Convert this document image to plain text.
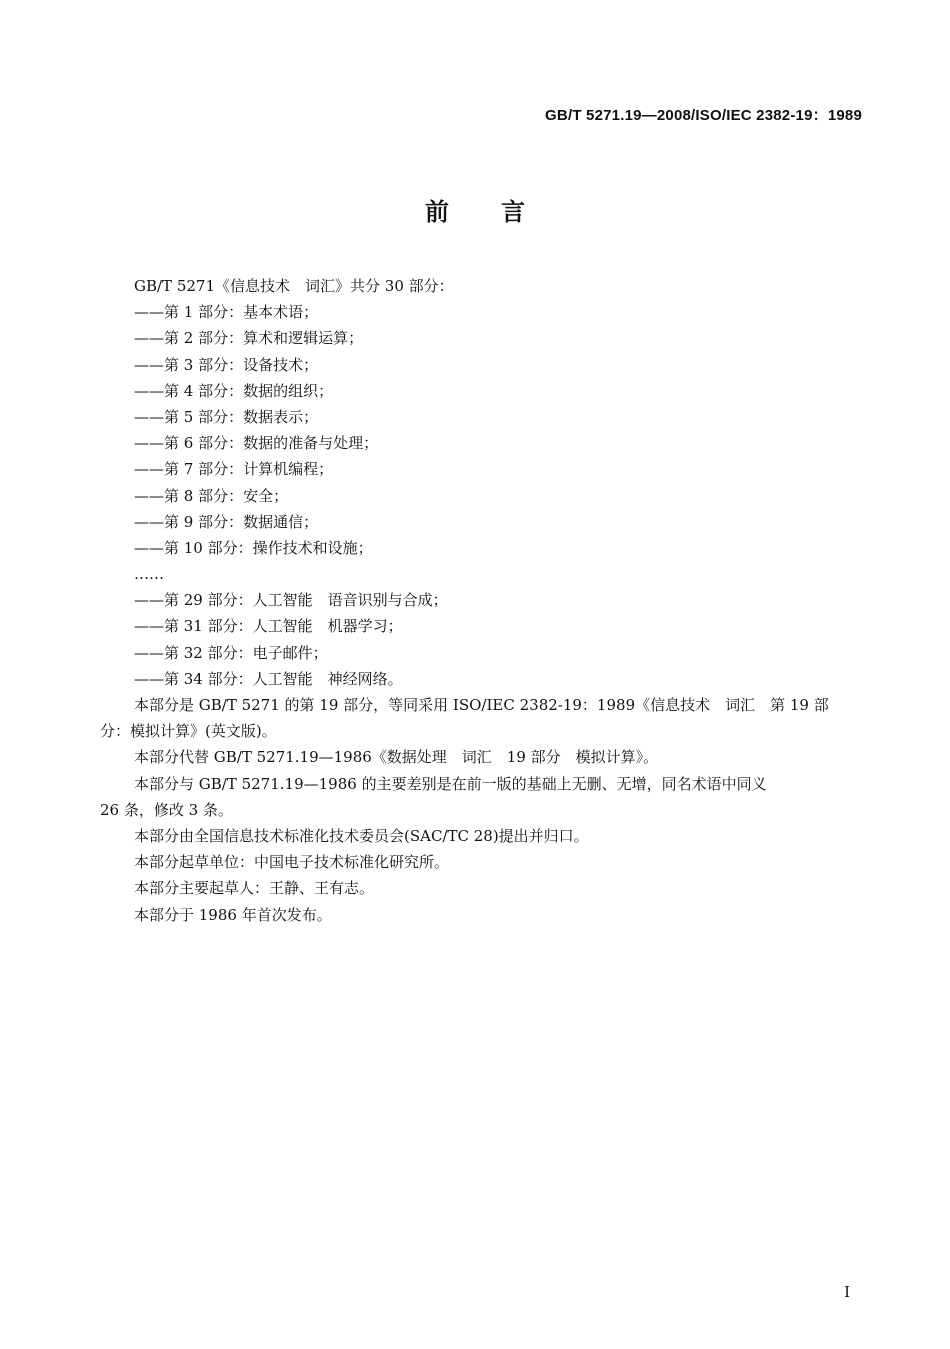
GB/T 5271.19—2008/ISO/IEC 2382-19：1989
前言
GB/T 5271《信息技术　词汇》共分 30 部分：
——第 1 部分：基本术语；
——第 2 部分：算术和逻辑运算；
——第 3 部分：设备技术；
——第 4 部分：数据的组织；
——第 5 部分：数据表示；
——第 6 部分：数据的准备与处理；
——第 7 部分：计算机编程；
——第 8 部分：安全；
——第 9 部分：数据通信；
——第 10 部分：操作技术和设施；
……
——第 29 部分：人工智能　语音识别与合成；
——第 31 部分：人工智能　机器学习；
——第 32 部分：电子邮件；
——第 34 部分：人工智能　神经网络。
本部分是 GB/T 5271 的第 19 部分，等同采用 ISO/IEC 2382-19：1989《信息技术　词汇　第 19 部
分：模拟计算》(英文版)。
本部分代替 GB/T 5271.19—1986《数据处理　词汇　19 部分　模拟计算》。
本部分与 GB/T 5271.19—1986 的主要差别是在前一版的基础上无删、无增，同名术语中同义
26 条，修改 3 条。
本部分由全国信息技术标准化技术委员会(SAC/TC 28)提出并归口。
本部分起草单位：中国电子技术标准化研究所。
本部分主要起草人：王静、王有志。
本部分于 1986 年首次发布。
I
